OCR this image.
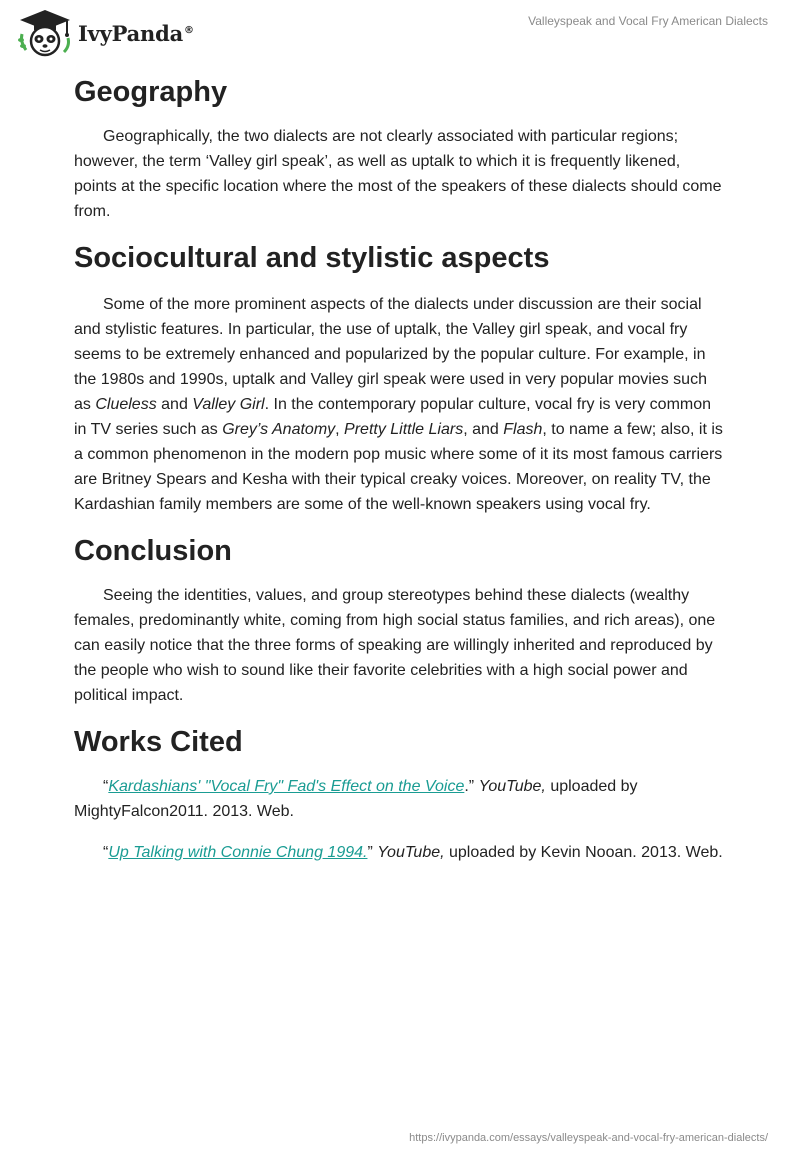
IvyPanda®
Valleyspeak and Vocal Fry American Dialects
Geography

Geographically, the two dialects are not clearly associated with particular regions; however, the term ‘Valley girl speak’, as well as uptalk to which it is frequently likened, points at the specific location where the most of the speakers of these dialects should come from.

Sociocultural and stylistic aspects

Some of the more prominent aspects of the dialects under discussion are their social and stylistic features. In particular, the use of uptalk, the Valley girl speak, and vocal fry seems to be extremely enhanced and popularized by the popular culture. For example, in the 1980s and 1990s, uptalk and Valley girl speak were used in very popular movies such as Clueless and Valley Girl. In the contemporary popular culture, vocal fry is very common in TV series such as Grey’s Anatomy, Pretty Little Liars, and Flash, to name a few; also, it is a common phenomenon in the modern pop music where some of it its most famous carriers are Britney Spears and Kesha with their typical creaky voices. Moreover, on reality TV, the Kardashian family members are some of the well-known speakers using vocal fry.

Conclusion

Seeing the identities, values, and group stereotypes behind these dialects (wealthy females, predominantly white, coming from high social status families, and rich areas), one can easily notice that the three forms of speaking are willingly inherited and reproduced by the people who wish to sound like their favorite celebrities with a high social power and political impact.

Works Cited

“Kardashians' "Vocal Fry" Fad's Effect on the Voice.” YouTube, uploaded by MightyFalcon2011. 2013. Web.

“Up Talking with Connie Chung 1994.” YouTube, uploaded by Kevin Nooan. 2013. Web.

https://ivypanda.com/essays/valleyspeak-and-vocal-fry-american-dialects/
